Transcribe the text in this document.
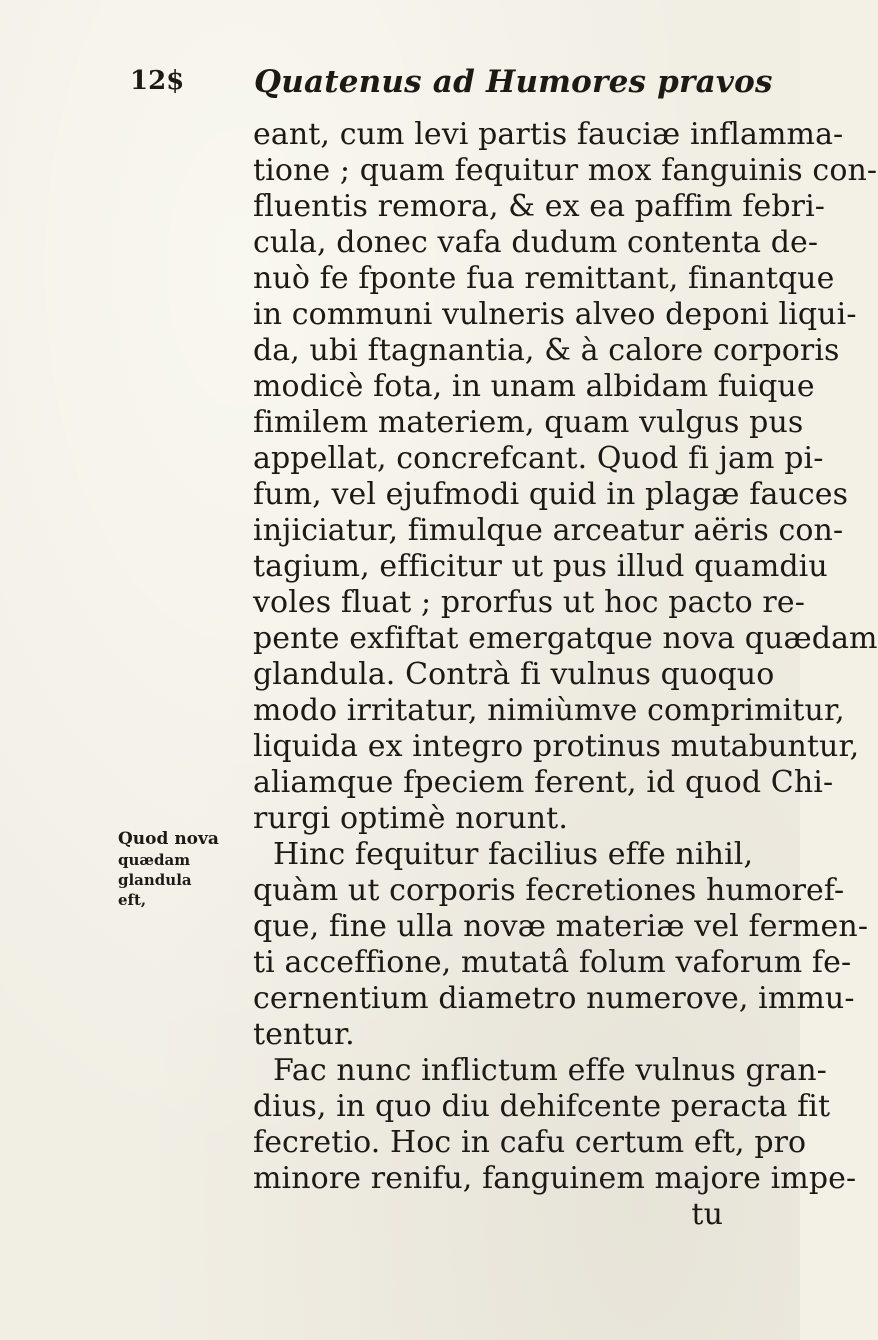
12$ Quatenus ad Humores pravos
Quod nova
quædam
glandula
eft,
eant, cum levi partis fauciæ inflamma-
tione ; quam fequitur mox fanguinis con-
fluentis remora, & ex ea paffim febri-
cula, donec vafa dudum contenta de-
nuò fe fponte fua remittant, finantque
in communi vulneris alveo deponi liqui-
da, ubi ftagnantia, & à calore corporis
modicè fota, in unam albidam fuique
fimilem materiem, quam vulgus pus
appellat, concrefcant. Quod fi jam pi-
fum, vel ejufmodi quid in plagæ fauces
injiciatur, fimulque arceatur aëris con-
tagium, efficitur ut pus illud quamdiu
voles fluat ; prorfus ut hoc pacto re-
pente exfiftat emergatque nova quædam
glandula. Contrà fi vulnus quoquo
modo irritatur, nimiùmve comprimitur,
liquida ex integro protinus mutabuntur,
aliamque fpeciem ferent, id quod Chi-
rurgi optimè norunt.
Hinc fequitur facilius effe nihil,
quàm ut corporis fecretiones humoref-
que, fine ulla novæ materiæ vel fermen-
ti acceffione, mutatâ folum vaforum fe-
cernentium diametro numerove, immu-
tentur.
Fac nunc inflictum effe vulnus gran-
dius, in quo diu dehifcente peracta fit
fecretio. Hoc in cafu certum eft, pro
minore renifu, fanguinem majore impe-
tu
